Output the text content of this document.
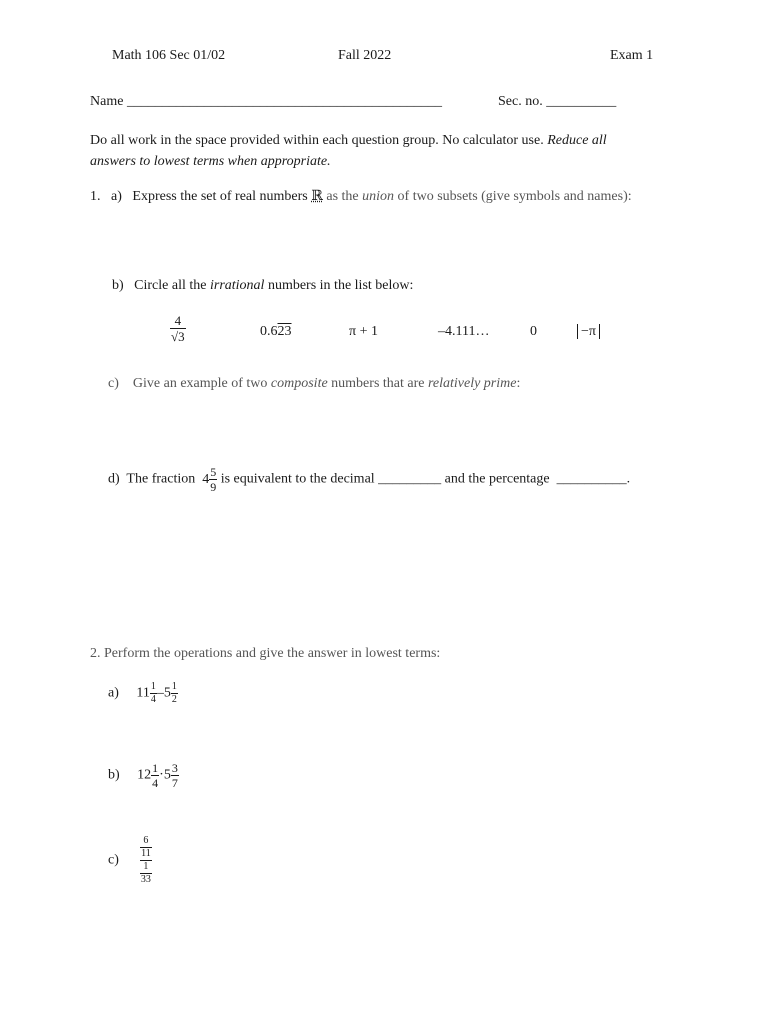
Math 106 Sec 01/02	Fall 2022	Exam 1
Name _____________________________________________	Sec. no. __________
Do all work in the space provided within each question group. No calculator use. Reduce all
answers to lowest terms when appropriate.
1. a) Express the set of real numbers ℝ as the union of two subsets (give symbols and names):
b) Circle all the irrational numbers in the list below:
$\frac{4}{√3}$	0.623	π + 1	–4.111…	0	−π
c) Give an example of two composite numbers that are relatively prime:
d) The fraction $4 \frac{5}{9}$ is equivalent to the decimal _________ and the percentage __________.
2. Perform the operations and give the answer in lowest terms:
a) $11 \frac{1}{4} -5 \frac{1}{2}$
b) $12 \frac{1}{4} \cdot 5 \frac{3}{7}$
$c) \frac{\frac{6}{11}}{\frac{1}{33}}$
